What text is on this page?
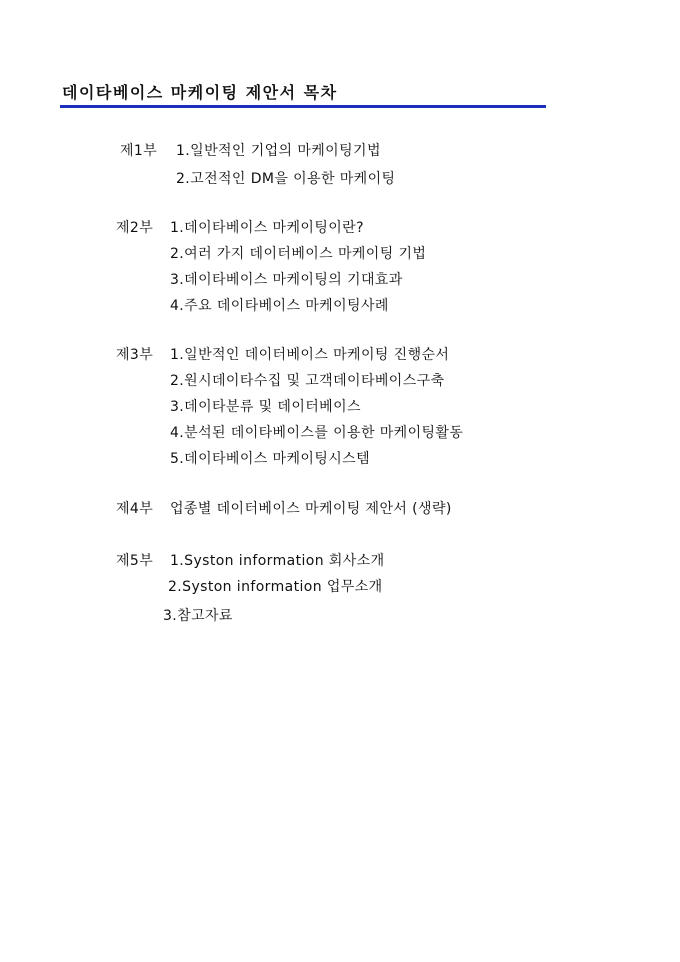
데이타베이스 마케이팅 제안서 목차
제1부 1.일반적인 기업의 마케이팅기법
2.고전적인 DM을 이용한 마케이팅
제2부 1.데이타베이스 마케이팅이란?
2.여러 가지 데이터베이스 마케이팅 기법
3.데이타베이스 마케이팅의 기대효과
4.주요 데이타베이스 마케이팅사례
제3부 1.일반적인 데이터베이스 마케이팅 진행순서
2.원시데이타수집 및 고객데이타베이스구축
3.데이타분류 및 데이터베이스
4.분석된 데이타베이스를 이용한 마케이팅활동
5.데이타베이스 마케이팅시스템
제4부 업종별 데이터베이스 마케이팅 제안서 (생략)
제5부 1.Syston information 회사소개
2.Syston information 업무소개
3.참고자료
